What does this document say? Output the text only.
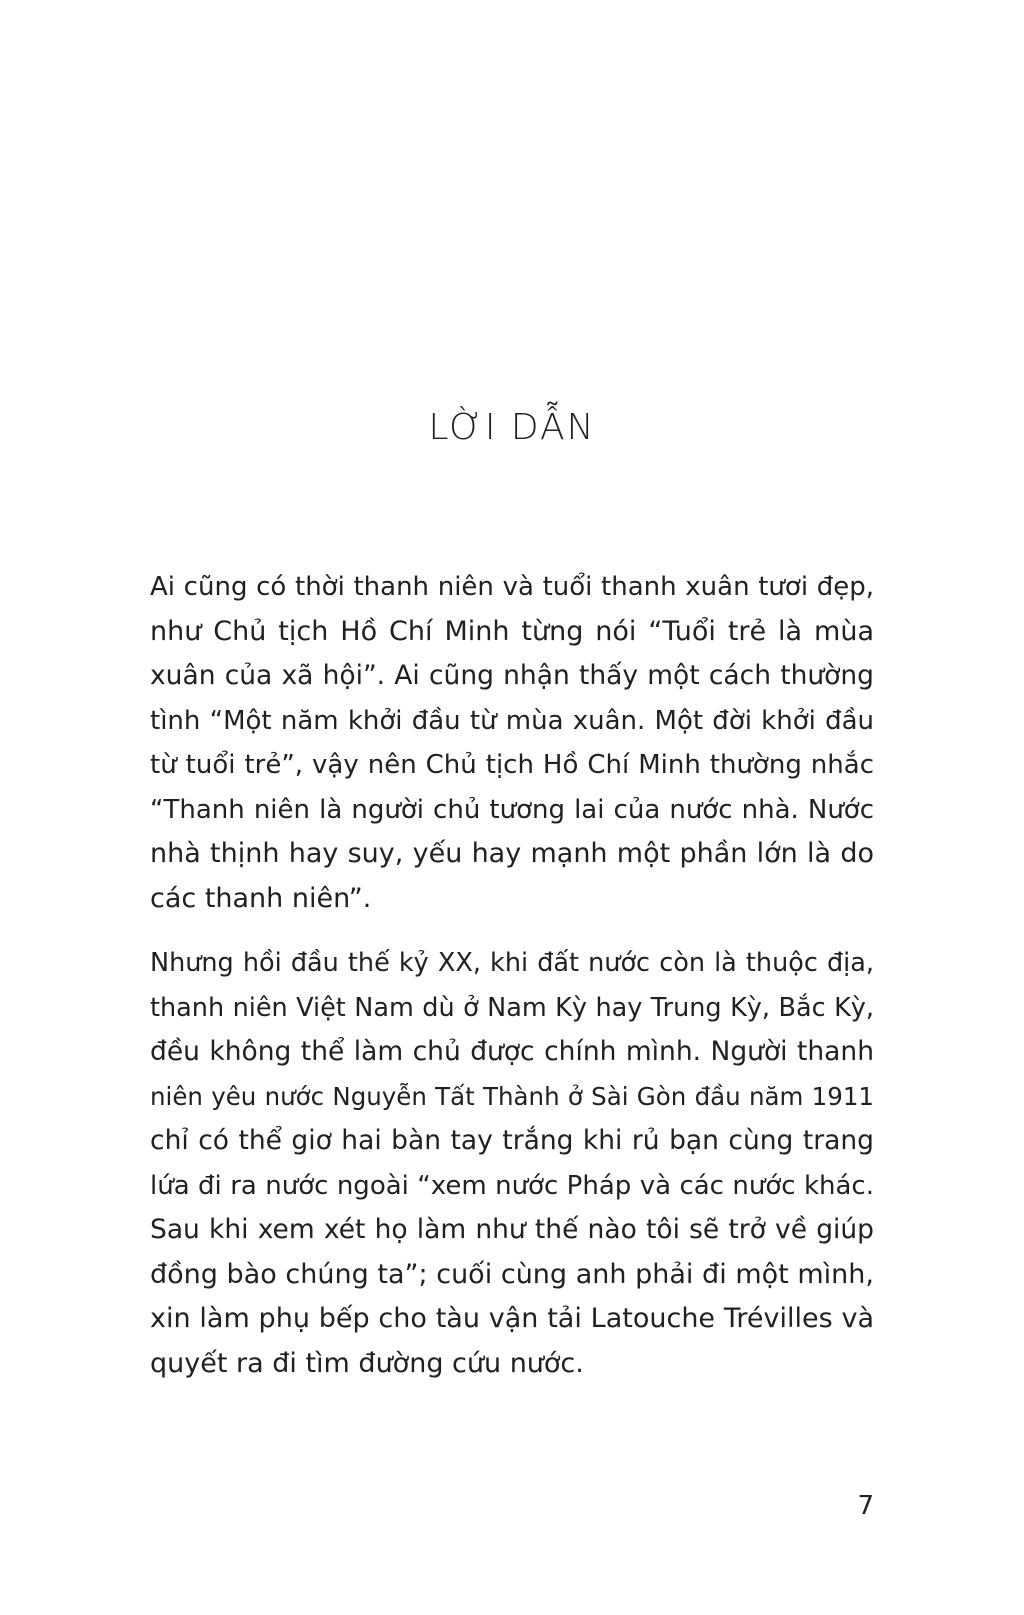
LỜI DẪN

Ai cũng có thời thanh niên và tuổi thanh xuân tươi đẹp,
như Chủ tịch Hồ Chí Minh từng nói “Tuổi trẻ là mùa
xuân của xã hội”. Ai cũng nhận thấy một cách thường
tình “Một năm khởi đầu từ mùa xuân. Một đời khởi đầu
từ tuổi trẻ”, vậy nên Chủ tịch Hồ Chí Minh thường nhắc
“Thanh niên là người chủ tương lai của nước nhà. Nước
nhà thịnh hay suy, yếu hay mạnh một phần lớn là do
các thanh niên”.

Nhưng hồi đầu thế kỷ XX, khi đất nước còn là thuộc địa,
thanh niên Việt Nam dù ở Nam Kỳ hay Trung Kỳ, Bắc Kỳ,
đều không thể làm chủ được chính mình. Người thanh
niên yêu nước Nguyễn Tất Thành ở Sài Gòn đầu năm 1911
chỉ có thể giơ hai bàn tay trắng khi rủ bạn cùng trang
lứa đi ra nước ngoài “xem nước Pháp và các nước khác.
Sau khi xem xét họ làm như thế nào tôi sẽ trở về giúp
đồng bào chúng ta”; cuối cùng anh phải đi một mình,
xin làm phụ bếp cho tàu vận tải Latouche Trévilles và
quyết ra đi tìm đường cứu nước.

7
